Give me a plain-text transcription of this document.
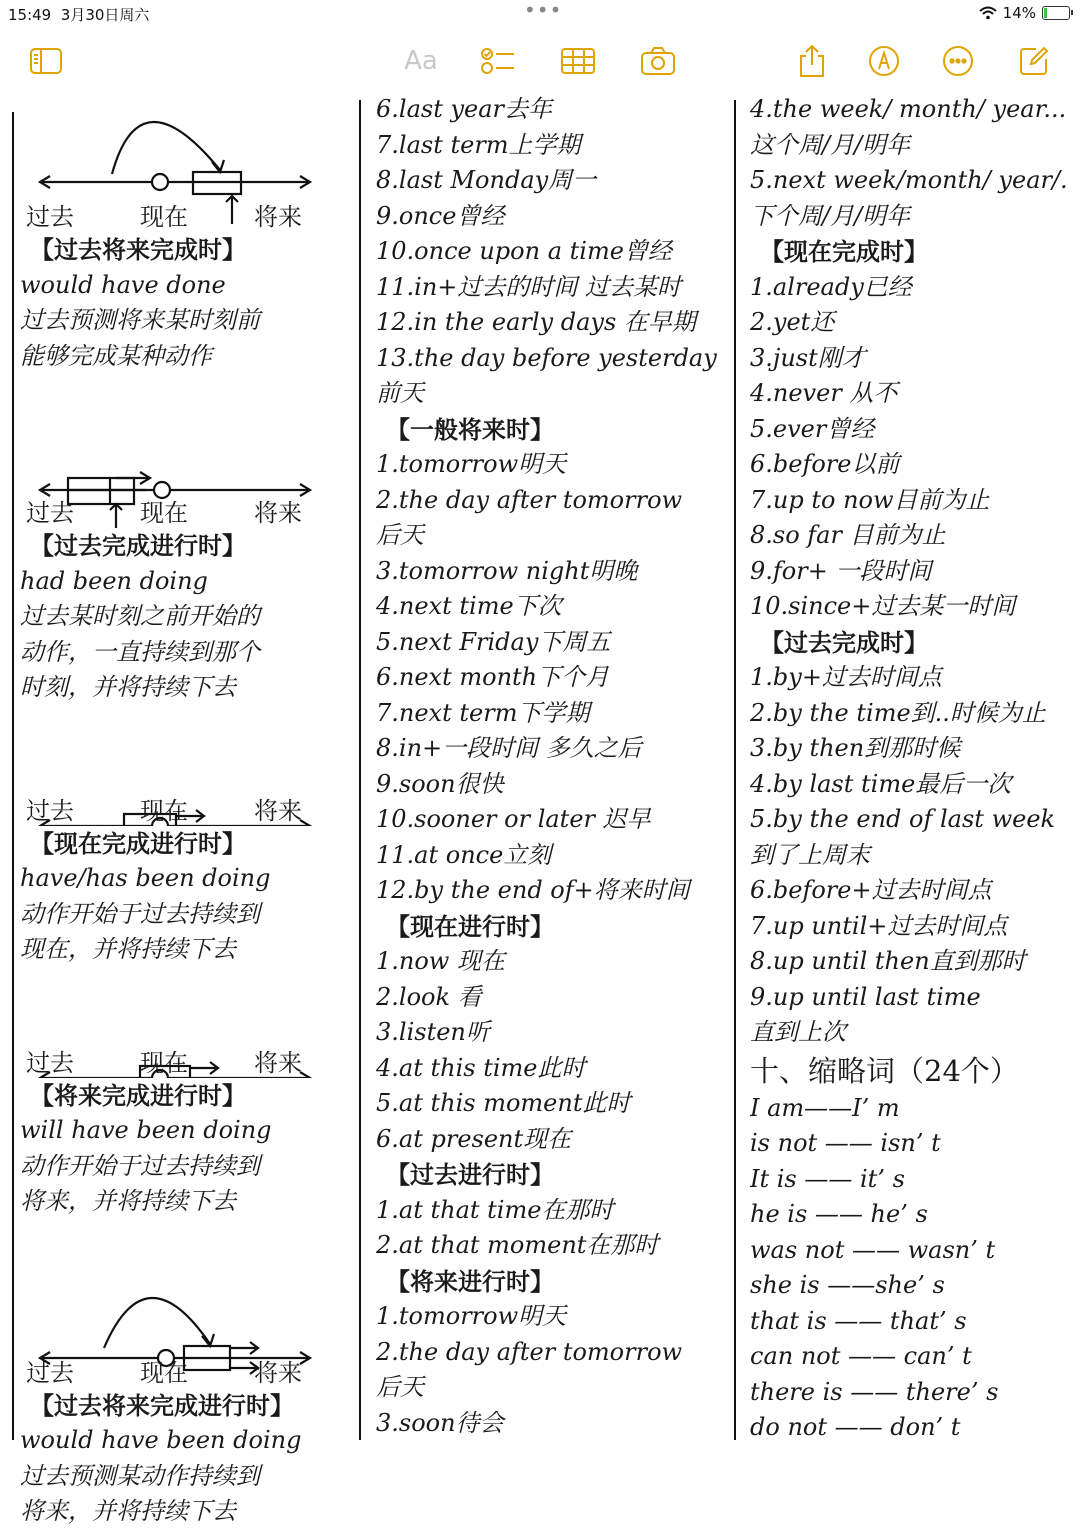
15:49 3月30日周六	•••	14%
Aa
过去	现在	将来
【过去将来完成时】
would have done
过去预测将来某时刻前
能够完成某种动作
过去	现在	将来
【过去完成进行时】
had been doing
过去某时刻之前开始的
动作，一直持续到那个
时刻，并将持续下去
过去	现在	将来
【现在完成进行时】
have/has been doing
动作开始于过去持续到
现在，并将持续下去
过去	现在	将来
【将来完成进行时】
will have been doing
动作开始于过去持续到
将来，并将持续下去
过去	现在	将来
【过去将来完成进行时】
would have been doing
过去预测某动作持续到
将来，并将持续下去
6.last year去年
7.last term上学期
8.last Monday周一
9.once曾经
10.once upon a time曾经
11.in+过去的时间 过去某时
12.in the early days 在早期
13.the day before yesterday
前天
【一般将来时】
1.tomorrow明天
2.the day after tomorrow
后天
3.tomorrow night明晚
4.next time下次
5.next Friday下周五
6.next month下个月
7.next term下学期
8.in+一段时间 多久之后
9.soon很快
10.sooner or later 迟早
11.at once立刻
12.by the end of+将来时间
【现在进行时】
1.now 现在
2.look 看
3.listen听
4.at this time此时
5.at this moment此时
6.at present现在
【过去进行时】
1.at that time在那时
2.at that moment在那时
【将来进行时】
1.tomorrow明天
2.the day after tomorrow
后天
3.soon待会
4.the week/ month/ year...
这个周/月/明年
5.next week/month/ year/.
下个周/月/明年
【现在完成时】
1.already已经
2.yet还
3.just刚才
4.never 从不
5.ever曾经
6.before以前
7.up to now目前为止
8.so far 目前为止
9.for+ 一段时间
10.since+过去某一时间
【过去完成时】
1.by+过去时间点
2.by the time到..时候为止
3.by then到那时候
4.by last time最后一次
5.by the end of last week
到了上周末
6.before+过去时间点
7.up until+过去时间点
8.up until then直到那时
9.up until last time
直到上次
十、缩略词（24个）
I am——I’ m
is not —— isn’ t
It is —— it’ s
he is —— he’ s
was not —— wasn’ t
she is ——she’ s
that is —— that’ s
can not —— can’ t
there is —— there’ s
do not —— don’ t
